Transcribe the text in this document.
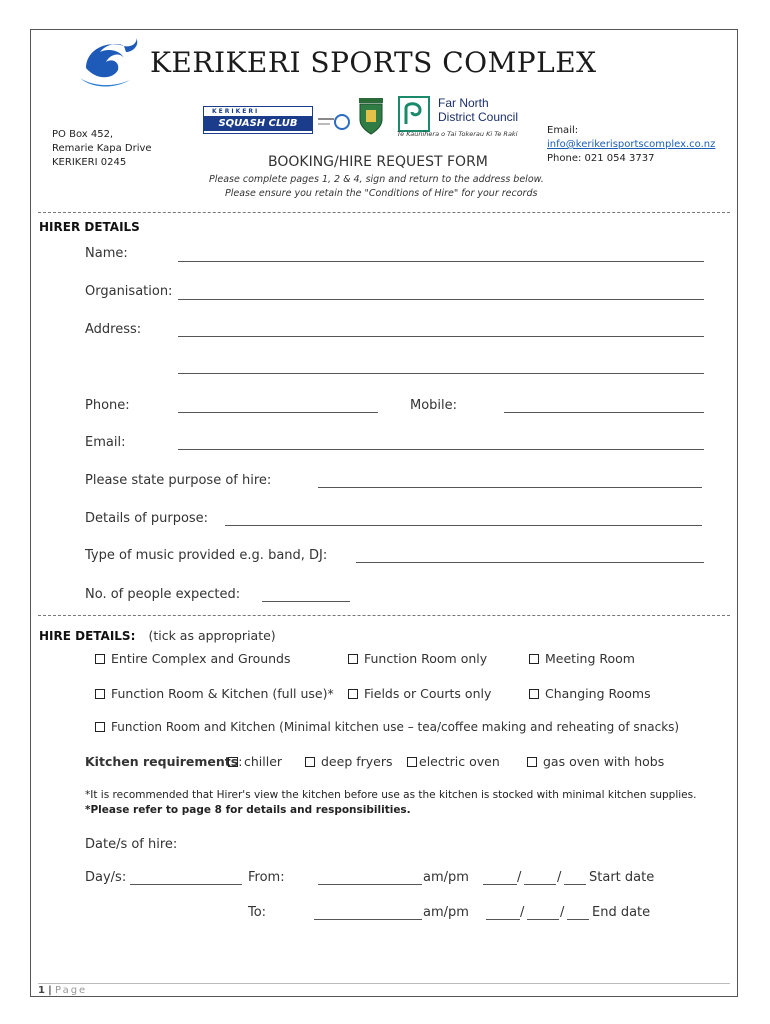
KERIKERI SPORTS COMPLEX
PO Box 452,
Remarie Kapa Drive
KERIKERI 0245
KERIKERI
SQUASH CLUB
Far North
District Council
Te Kaunihera o Tai Tokerau Ki Te Raki	Email:
info@kerikerisportscomplex.co.nz
Phone: 021 054 3737
BOOKING/HIRE REQUEST FORM
Please complete pages 1, 2 & 4, sign and return to the address below.
Please ensure you retain the "Conditions of Hire" for your records
HIRER DETAILS
Name:
Organisation:
Address:
Phone:	Mobile:
Email:
Please state purpose of hire:
Details of purpose:
Type of music provided e.g. band, DJ:
No. of people expected:
HIRE DETAILS: (tick as appropriate)
Entire Complex and Grounds	Function Room only	Meeting Room
Function Room & Kitchen (full use)*	Fields or Courts only	Changing Rooms
Function Room and Kitchen (Minimal kitchen use – tea/coffee making and reheating of snacks)
Kitchen requirements: chiller	deep fryers	electric oven	gas oven with hobs
*It is recommended that Hirer's view the kitchen before use as the kitchen is stocked with minimal kitchen supplies.
*Please refer to page 8 for details and responsibilities.
Date/s of hire:
Day/s:	From:	am/pm	/	/ Start date
To:	am/pm	/	/ End date
1 | Page
